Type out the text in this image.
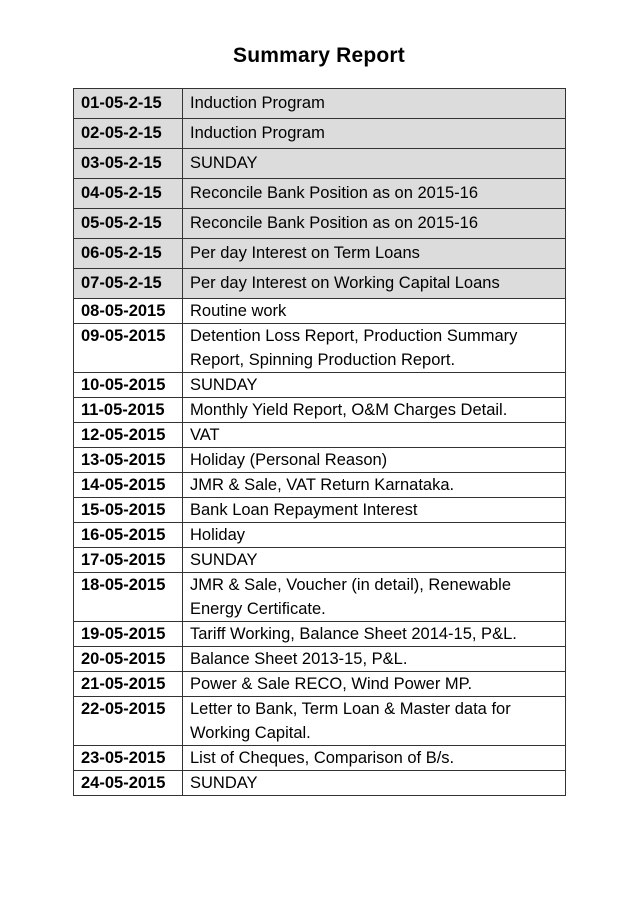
Summary Report
01-05-2-15	Induction Program
02-05-2-15	Induction Program
03-05-2-15	SUNDAY
04-05-2-15	Reconcile Bank Position as on 2015-16
05-05-2-15	Reconcile Bank Position as on 2015-16
06-05-2-15	Per day Interest on Term Loans
07-05-2-15	Per day Interest on Working Capital Loans
08-05-2015	Routine work
09-05-2015	Detention Loss Report, Production Summary Report, Spinning Production Report.
10-05-2015	SUNDAY
11-05-2015	Monthly Yield Report, O&M Charges Detail.
12-05-2015	VAT
13-05-2015	Holiday (Personal Reason)
14-05-2015	JMR & Sale, VAT Return Karnataka.
15-05-2015	Bank Loan Repayment Interest
16-05-2015	Holiday
17-05-2015	SUNDAY
18-05-2015	JMR & Sale, Voucher (in detail), Renewable Energy Certificate.
19-05-2015	Tariff Working, Balance Sheet 2014-15, P&L.
20-05-2015	Balance Sheet 2013-15, P&L.
21-05-2015	Power & Sale RECO, Wind Power MP.
22-05-2015	Letter to Bank, Term Loan & Master data for Working Capital.
23-05-2015	List of Cheques, Comparison of B/s.
24-05-2015	SUNDAY
